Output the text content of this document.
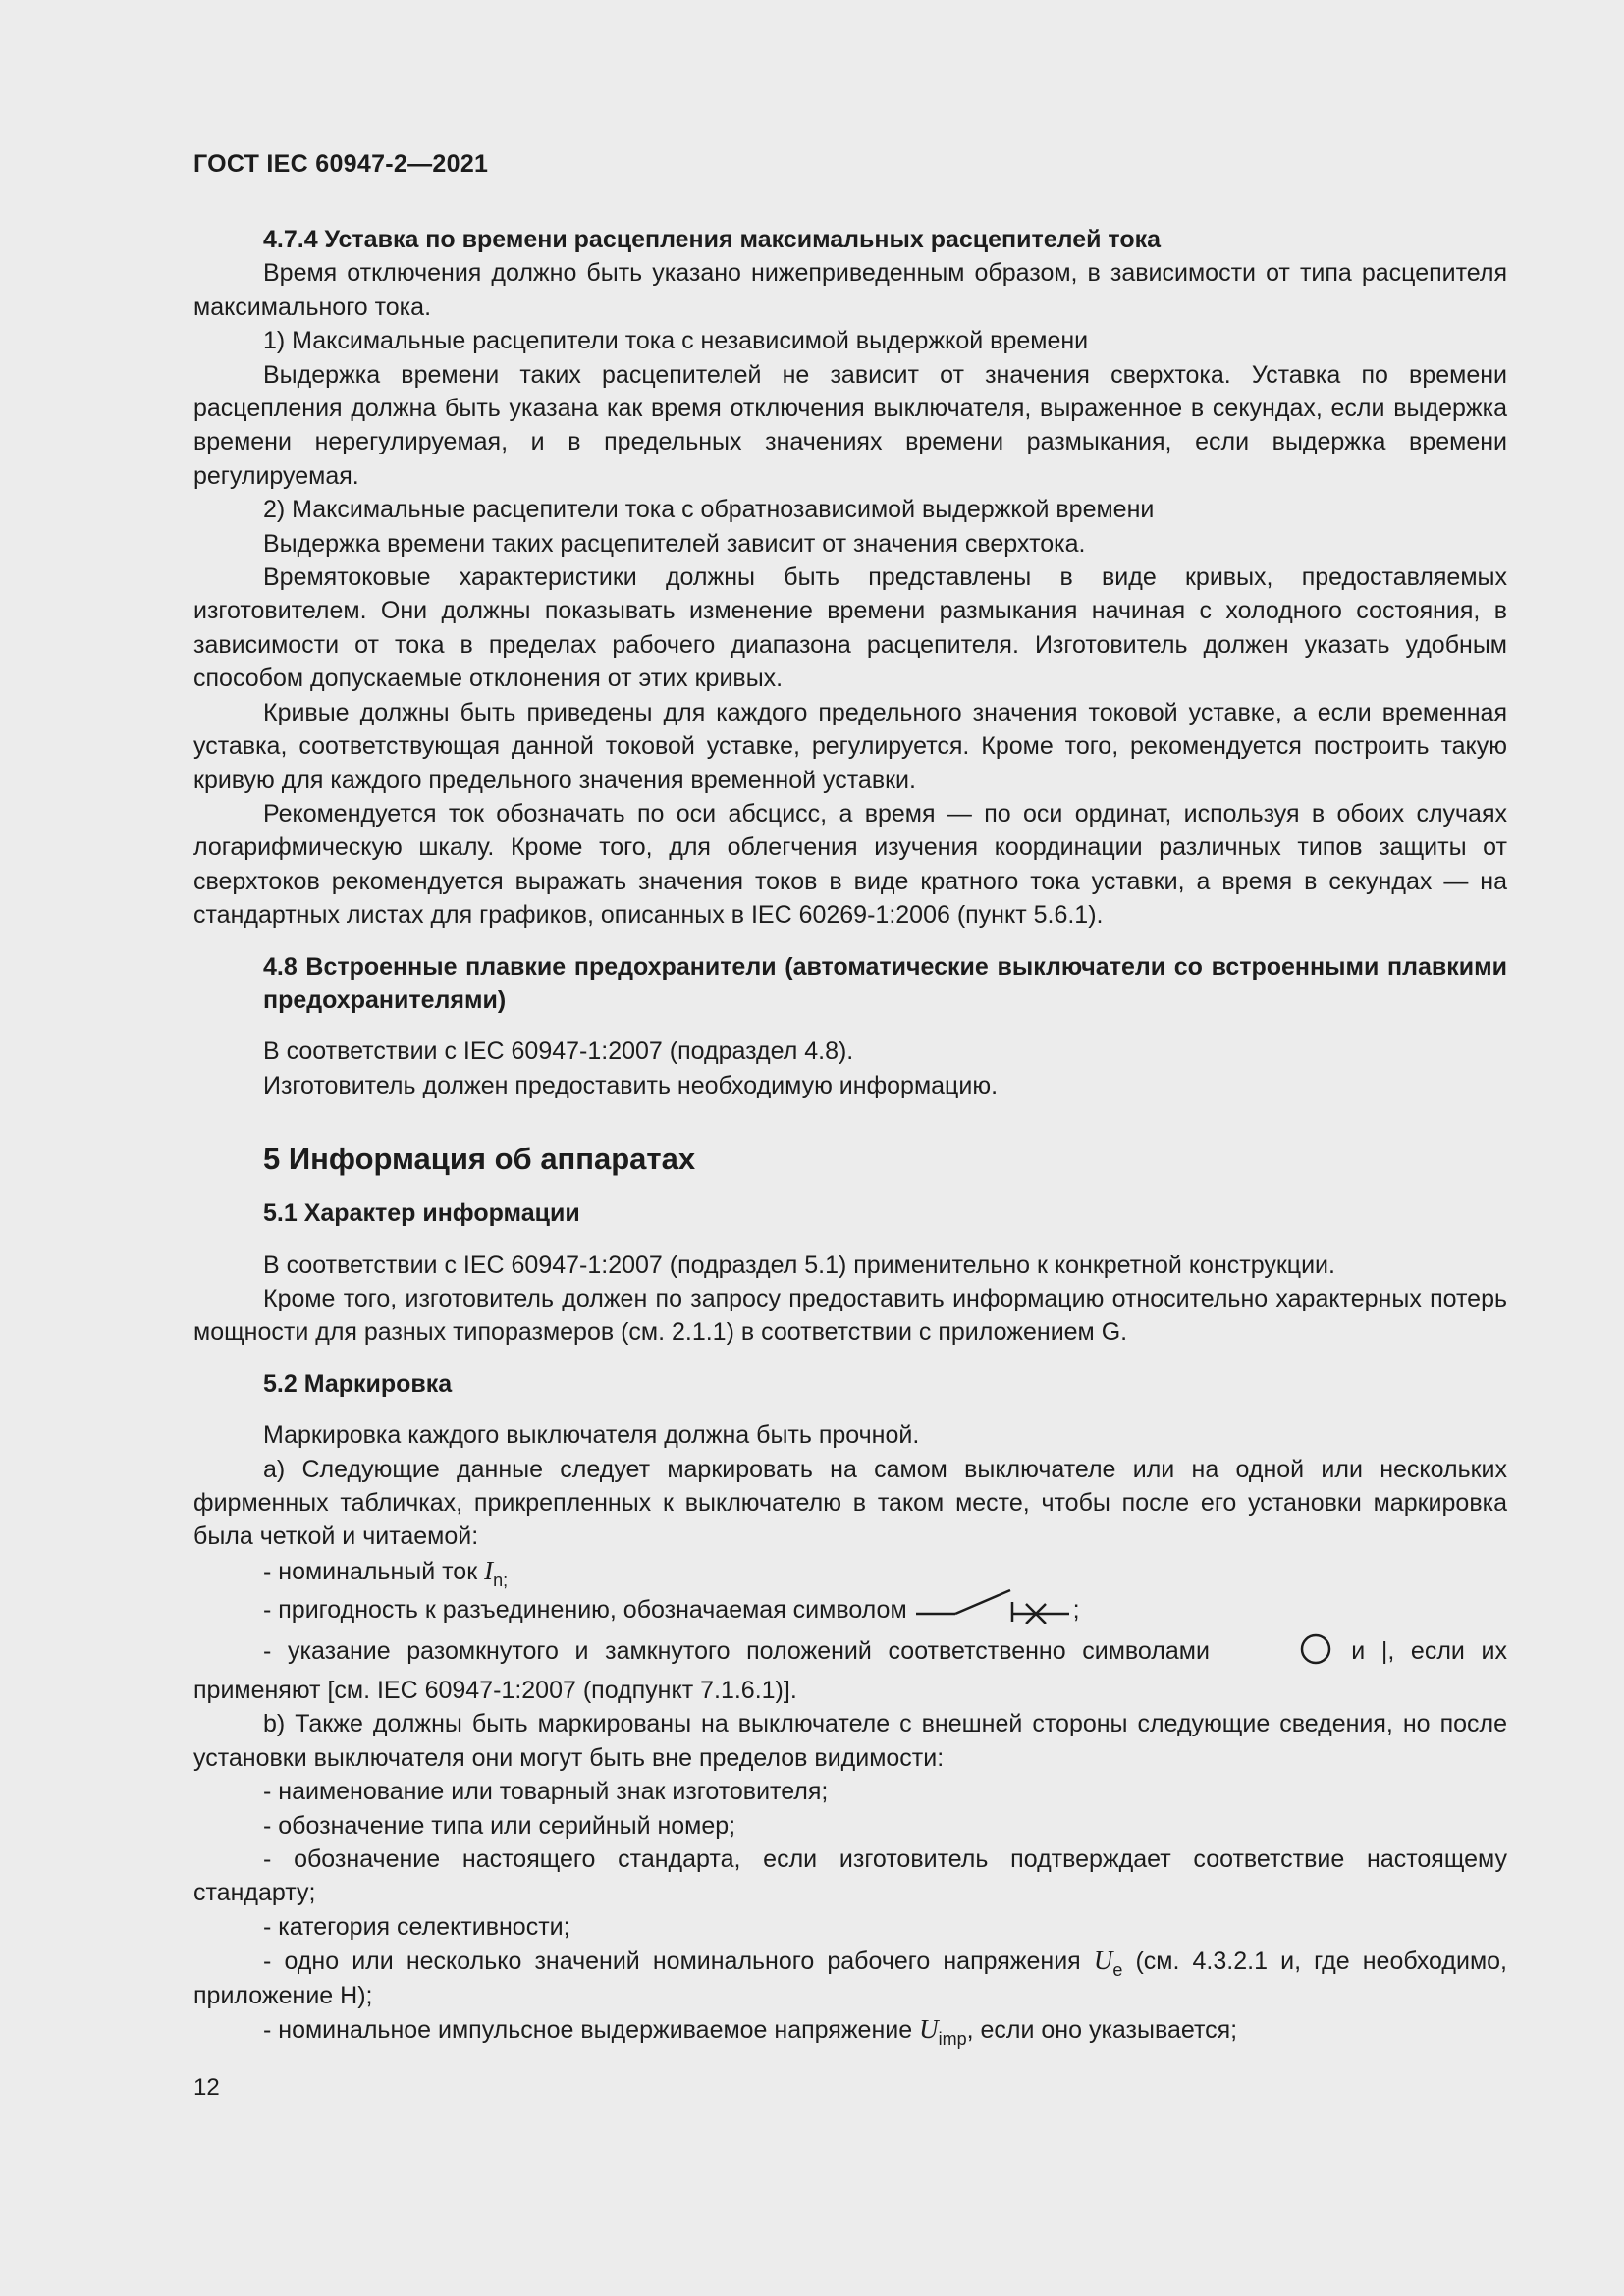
ГОСТ IEC 60947-2—2021

4.7.4 Уставка по времени расцепления максимальных расцепителей тока

Время отключения должно быть указано нижеприведенным образом, в зависимости от типа расцепителя максимального тока.

1) Максимальные расцепители тока с независимой выдержкой времени

Выдержка времени таких расцепителей не зависит от значения сверхтока. Уставка по времени расцепления должна быть указана как время отключения выключателя, выраженное в секундах, если выдержка времени нерегулируемая, и в предельных значениях времени размыкания, если выдержка времени регулируемая.

2) Максимальные расцепители тока с обратнозависимой выдержкой времени

Выдержка времени таких расцепителей зависит от значения сверхтока.

Времятоковые характеристики должны быть представлены в виде кривых, предоставляемых изготовителем. Они должны показывать изменение времени размыкания начиная с холодного состояния, в зависимости от тока в пределах рабочего диапазона расцепителя. Изготовитель должен указать удобным способом допускаемые отклонения от этих кривых.

Кривые должны быть приведены для каждого предельного значения токовой уставке, а если временная уставка, соответствующая данной токовой уставке, регулируется. Кроме того, рекомендуется построить такую кривую для каждого предельного значения временной уставки.

Рекомендуется ток обозначать по оси абсцисс, а время — по оси ординат, используя в обоих случаях логарифмическую шкалу. Кроме того, для облегчения изучения координации различных типов защиты от сверхтоков рекомендуется выражать значения токов в виде кратного тока уставки, а время в секундах — на стандартных листах для графиков, описанных в IEC 60269-1:2006 (пункт 5.6.1).

4.8 Встроенные плавкие предохранители (автоматические выключатели со встроенными плавкими предохранителями)

В соответствии с IEC 60947-1:2007 (подраздел 4.8).

Изготовитель должен предоставить необходимую информацию.

5 Информация об аппаратах

5.1 Характер информации

В соответствии с IEC 60947-1:2007 (подраздел 5.1) применительно к конкретной конструкции.

Кроме того, изготовитель должен по запросу предоставить информацию относительно характерных потерь мощности для разных типоразмеров (см. 2.1.1) в соответствии с приложением G.

5.2 Маркировка

Маркировка каждого выключателя должна быть прочной.

а) Следующие данные следует маркировать на самом выключателе или на одной или нескольких фирменных табличках, прикрепленных к выключателю в таком месте, чтобы после его установки маркировка была четкой и читаемой:

- номинальный ток $I_{n;}$

- пригодность к разъединению, обозначаемая символом	;

- указание разомкнутого и замкнутого положений соответственно символами	и |, если их применяют [см. IEC 60947-1:2007 (подпункт 7.1.6.1)].

b) Также должны быть маркированы на выключателе с внешней стороны следующие сведения, но после установки выключателя они могут быть вне пределов видимости:

- наименование или товарный знак изготовителя;

- обозначение типа или серийный номер;

- обозначение настоящего стандарта, если изготовитель подтверждает соответствие настоящему стандарту;

- категория селективности;

- одно или несколько значений номинального рабочего напряжения $U_e$ (см. 4.3.2.1 и, где необходимо, приложение H);

- номинальное импульсное выдерживаемое напряжение $U_{imp}$, если оно указывается;

12
